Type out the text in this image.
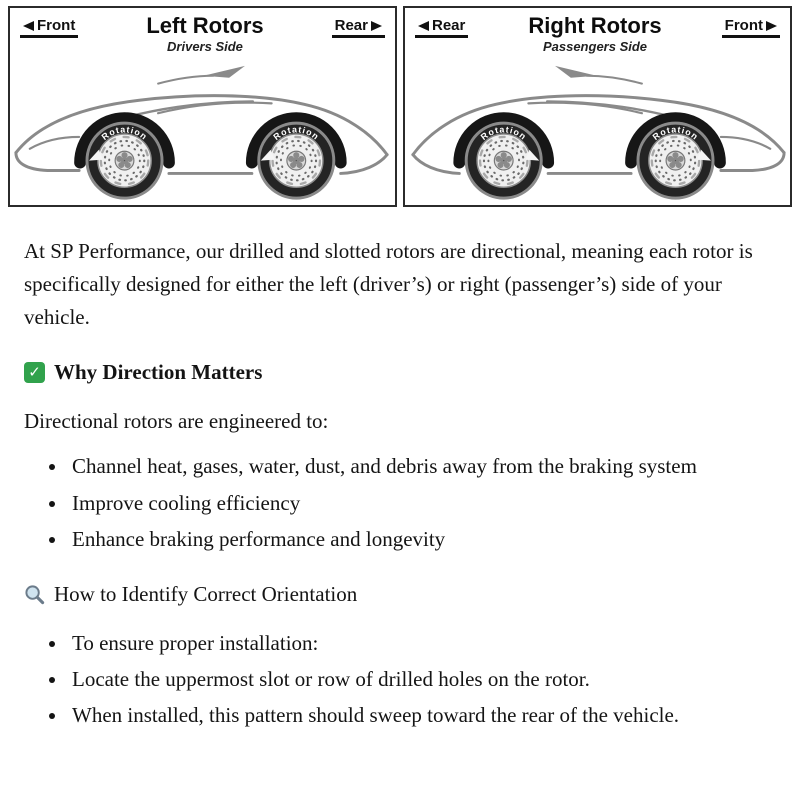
Front	Left Rotors
Drivers Side
Rear
Rotation	Rotation
Rear	Right Rotors
Passengers Side
Front
Rotation	Rotation

At SP Performance, our drilled and slotted rotors are directional, meaning each rotor is specifically designed for either the left (driver’s) or right (passenger’s) side of your vehicle.

✓ Why Direction Matters

Directional rotors are engineered to:

• Channel heat, gases, water, dust, and debris away from the braking system
• Improve cooling efficiency
• Enhance braking performance and longevity
How to Identify Correct Orientation
• To ensure proper installation:
• Locate the uppermost slot or row of drilled holes on the rotor.
• When installed, this pattern should sweep toward the rear of the vehicle.
